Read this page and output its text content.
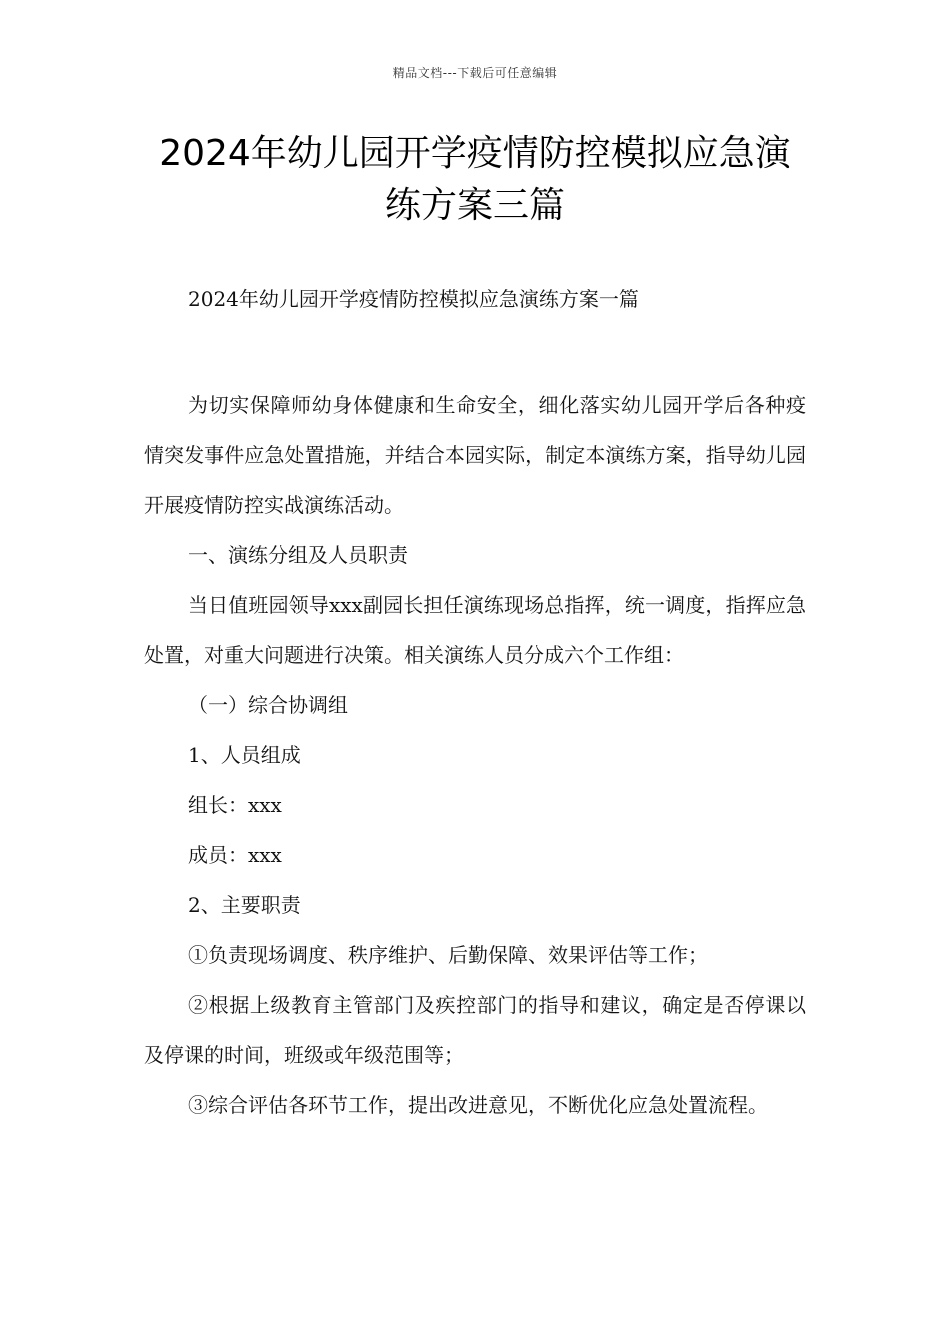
精品文档---下载后可任意编辑
2024年幼儿园开学疫情防控模拟应急演
练方案三篇
2024年幼儿园开学疫情防控模拟应急演练方案一篇

为切实保障师幼身体健康和生命安全，细化落实幼儿园开学后各种疫情突发事件应急处置措施，并结合本园实际，制定本演练方案，指导幼儿园开展疫情防控实战演练活动。

一、演练分组及人员职责

当日值班园领导xxx副园长担任演练现场总指挥，统一调度，指挥应急处置，对重大问题进行决策。相关演练人员分成六个工作组：

（一）综合协调组

1、人员组成

组长：xxx

成员：xxx

2、主要职责

①负责现场调度、秩序维护、后勤保障、效果评估等工作；

②根据上级教育主管部门及疾控部门的指导和建议，确定是否停课以及停课的时间，班级或年级范围等；

③综合评估各环节工作，提出改进意见，不断优化应急处置流程。
